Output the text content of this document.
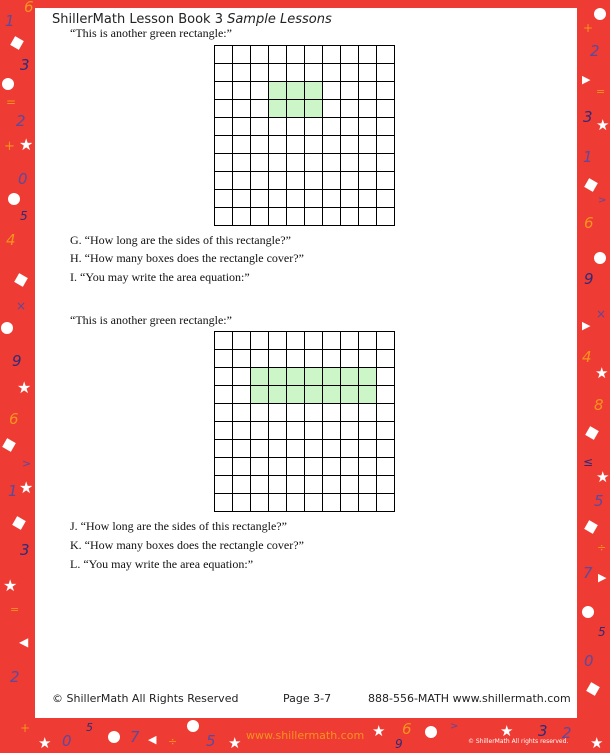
6
1
3
=
2
+ ★
0
5
4
×
9
★
6
>
★
1
3
★
=
◀
2
+
2
▶
=
3 ★
1
>
6
9
×
▶
4
★
8
≤
★
5
÷
7 ▶
5
0
+
★ 0
5
7 ◀ ÷ 5 ★
★ 6
9
>	★ 3 2
★
www.shillermath.com	© ShillerMath All rights reserved.
ShillerMath Lesson Book 3 Sample Lessons
“This is another green rectangle:”
G. “How long are the sides of this rectangle?”
H. “How many boxes does the rectangle cover?”
I. “You may write the area equation:”
“This is another green rectangle:”
J. “How long are the sides of this rectangle?”
K. “How many boxes does the rectangle cover?”
L. “You may write the area equation:”
© ShillerMath All Rights Reserved	Page 3-7	888-556-MATH www.shillermath.com
